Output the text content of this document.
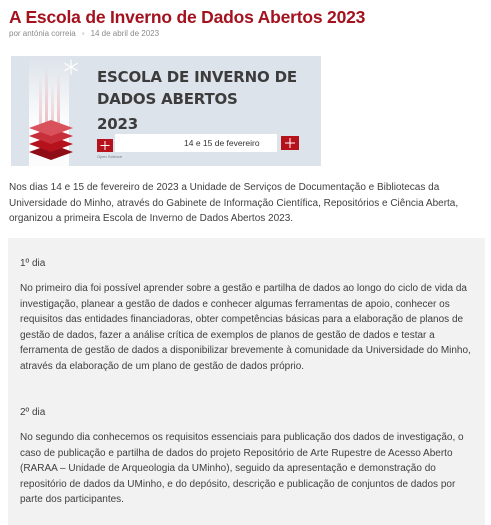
A Escola de Inverno de Dados Abertos 2023
por antónia correia ◦ 14 de abril de 2023
ESCOLA DE INVERNO DE
DADOS ABERTOS
2023
14 e 15 de fevereiro
Open Science

Nos dias 14 e 15 de fevereiro de 2023 a Unidade de Serviços de Documentação e Bibliotecas da Universidade do Minho, através do Gabinete de Informação Científica, Repositórios e Ciência Aberta, organizou a primeira Escola de Inverno de Dados Abertos 2023.

1º dia

No primeiro dia foi possível aprender sobre a gestão e partilha de dados ao longo do ciclo de vida da investigação, planear a gestão de dados e conhecer algumas ferramentas de apoio, conhecer os requisitos das entidades financiadoras, obter competências básicas para a elaboração de planos de gestão de dados, fazer a análise crítica de exemplos de planos de gestão de dados e testar a ferramenta de gestão de dados a disponibilizar brevemente à comunidade da Universidade do Minho, através da elaboração de um plano de gestão de dados próprio.

2º dia

No segundo dia conhecemos os requisitos essenciais para publicação dos dados de investigação, o caso de publicação e partilha de dados do projeto Repositório de Arte Rupestre de Acesso Aberto (RARAA – Unidade de Arqueologia da UMinho), seguido da apresentação e demonstração do repositório de dados da UMinho, e do depósito, descrição e publicação de conjuntos de dados por parte dos participantes.
